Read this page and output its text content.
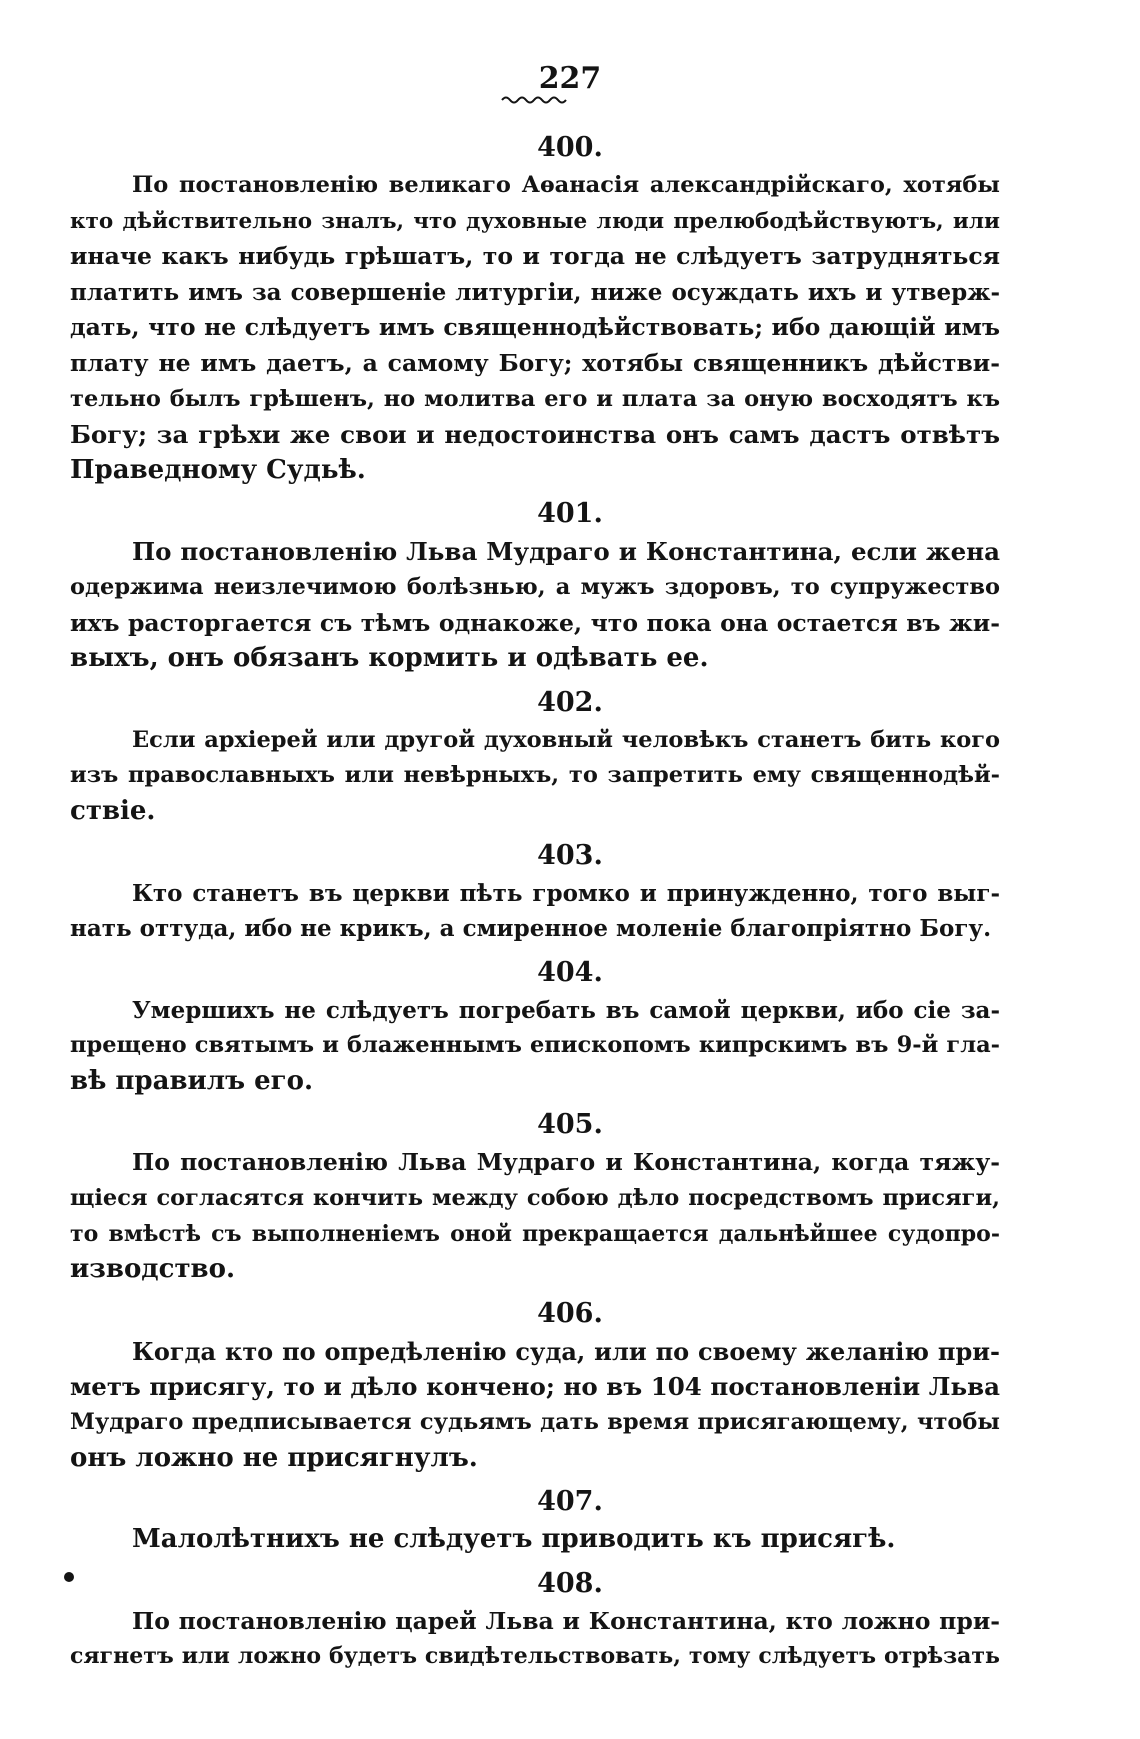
227
400.
По постановленію великаго Аѳанасія александрійскаго, хотябы
кто дѣйствительно зналъ, что духовные люди прелюбодѣйствуютъ, или
иначе какъ нибудь грѣшатъ, то и тогда не слѣдуетъ затрудняться
платить имъ за совершеніе литургіи, ниже осуждать ихъ и утверж-
дать, что не слѣдуетъ имъ священнодѣйствовать; ибо дающій имъ
плату не имъ даетъ, а самому Богу; хотябы священникъ дѣйстви-
тельно былъ грѣшенъ, но молитва его и плата за оную восходятъ къ
Богу; за грѣхи же свои и недостоинства онъ самъ дастъ отвѣтъ
Праведному Судьѣ.
401.
По постановленію Льва Мудраго и Константина, если жена
одержима неизлечимою болѣзнью, а мужъ здоровъ, то супружество
ихъ расторгается съ тѣмъ однакоже, что пока она остается въ жи-
выхъ, онъ обязанъ кормить и одѣвать ее.
402.
Если архіерей или другой духовный человѣкъ станетъ бить кого
изъ православныхъ или невѣрныхъ, то запретить ему священнодѣй-
ствіе.
403.
Кто станетъ въ церкви пѣть громко и принужденно, того выг-
нать оттуда, ибо не крикъ, а смиренное моленіе благопріятно Богу.
404.
Умершихъ не слѣдуетъ погребать въ самой церкви, ибо сіе за-
прещено святымъ и блаженнымъ епископомъ кипрскимъ въ 9-й гла-
вѣ правилъ его.
405.
По постановленію Льва Мудраго и Константина, когда тяжу-
щіеся согласятся кончить между собою дѣло посредствомъ присяги,
то вмѣстѣ съ выполненіемъ оной прекращается дальнѣйшее судопро-
изводство.
406.
Когда кто по опредѣленію суда, или по своему желанію при-
метъ присягу, то и дѣло кончено; но въ 104 постановленіи Льва
Мудраго предписывается судьямъ дать время присягающему, чтобы
онъ ложно не присягнулъ.
407.
Малолѣтнихъ не слѣдуетъ приводить къ присягѣ.
408.
По постановленію царей Льва и Константина, кто ложно при-
сягнетъ или ложно будетъ свидѣтельствовать, тому слѣдуетъ отрѣзать
